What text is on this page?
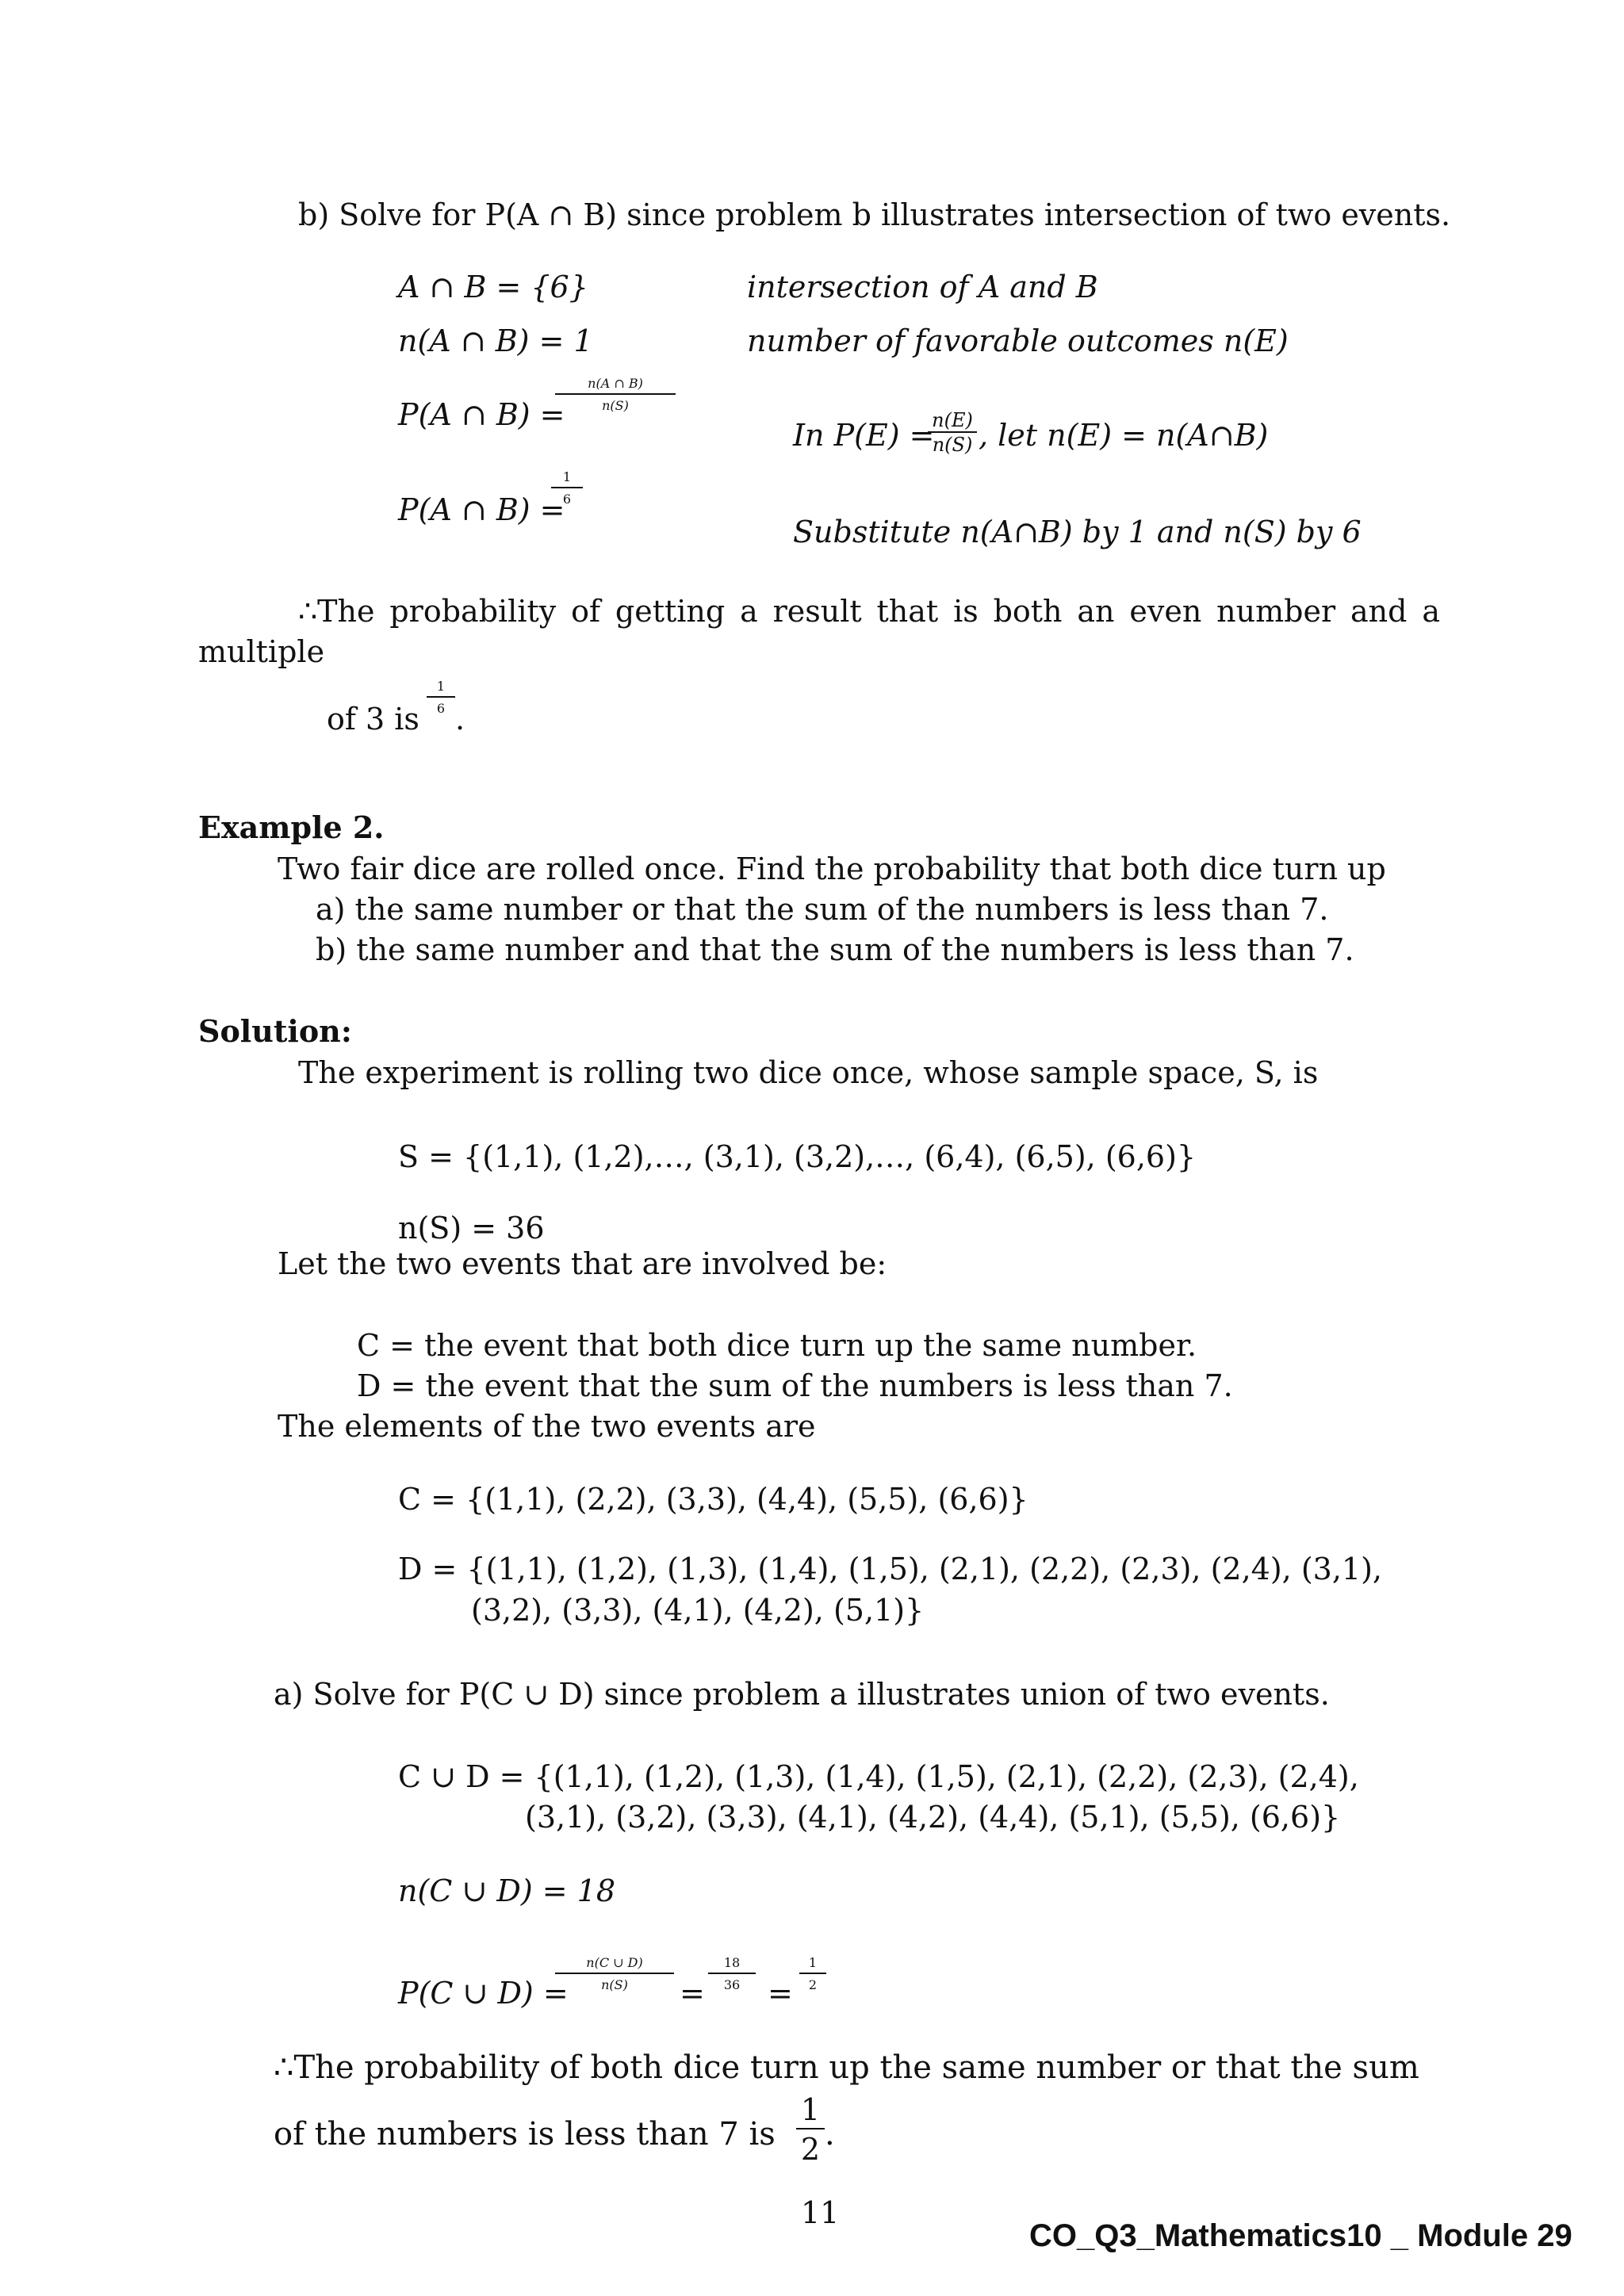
b) Solve for P(A ∩ B) since problem b illustrates intersection of two events.
A ∩ B = {6}	intersection of A and B
n(A ∩ B) = 1	number of favorable outcomes n(E)
P(A ∩ B) =
n(A ∩ B)
n(S)
In P(E) =
n(E)
n(S) , let n(E) = n(A∩B)
P(A ∩ B) =
1
6
Substitute n(A∩B) by 1 and n(S) by 6
∴The probability of getting a result that is both an even number and a
multiple
of 3 is
1
6 .
Example 2.
Two fair dice are rolled once. Find the probability that both dice turn up
a) the same number or that the sum of the numbers is less than 7.
b) the same number and that the sum of the numbers is less than 7.
Solution:
The experiment is rolling two dice once, whose sample space, S, is
S = {(1,1), (1,2),…, (3,1), (3,2),…, (6,4), (6,5), (6,6)}
n(S) = 36
Let the two events that are involved be:
C = the event that both dice turn up the same number.
D = the event that the sum of the numbers is less than 7.
The elements of the two events are
C = {(1,1), (2,2), (3,3), (4,4), (5,5), (6,6)}
D = {(1,1), (1,2), (1,3), (1,4), (1,5), (2,1), (2,2), (2,3), (2,4), (3,1),
(3,2), (3,3), (4,1), (4,2), (5,1)}
a) Solve for P(C ∪ D) since problem a illustrates union of two events.
C ∪ D = {(1,1), (1,2), (1,3), (1,4), (1,5), (2,1), (2,2), (2,3), (2,4),
(3,1), (3,2), (3,3), (4,1), (4,2), (4,4), (5,1), (5,5), (6,6)}
n(C ∪ D) = 18
P(C ∪ D) =
n(C ∪ D)
n(S)	=
18
36 =
1
2
∴The probability of both dice turn up the same number or that the sum
of the numbers is less than 7 is
1
2 .
11
CO_Q3_Mathematics10 _ Module 29
